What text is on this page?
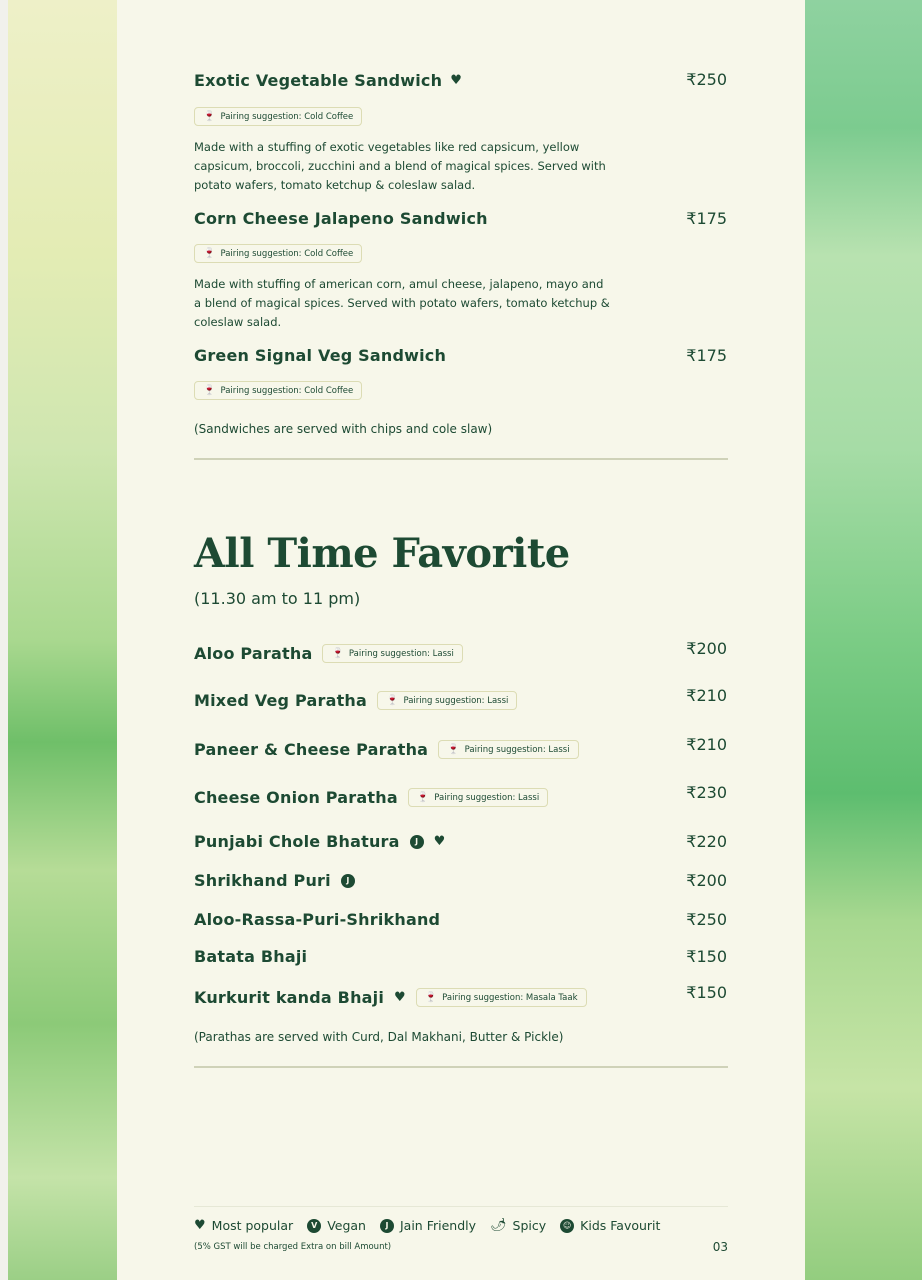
Exotic Vegetable Sandwich ♥	₹250
🍷 Pairing suggestion: Cold Coffee

Made with a stuffing of exotic vegetables like red capsicum, yellow capsicum, broccoli, zucchini and a blend of magical spices. Served with potato wafers, tomato ketchup & coleslaw salad.

Corn Cheese Jalapeno Sandwich	₹175
🍷 Pairing suggestion: Cold Coffee

Made with stuffing of american corn, amul cheese, jalapeno, mayo and a blend of magical spices. Served with potato wafers, tomato ketchup & coleslaw salad.

Green Signal Veg Sandwich	₹175
🍷 Pairing suggestion: Cold Coffee

(Sandwiches are served with chips and cole slaw)

All Time Favorite

(11.30 am to 11 pm)

Aloo Paratha 🍷 Pairing suggestion: Lassi	₹200
Mixed Veg Paratha 🍷 Pairing suggestion: Lassi	₹210
Paneer & Cheese Paratha 🍷 Pairing suggestion: Lassi	₹210
Cheese Onion Paratha 🍷 Pairing suggestion: Lassi	₹230
Punjabi Chole Bhatura	J	♥	₹220
Shrikhand Puri	J	₹200
Aloo-Rassa-Puri-Shrikhand	₹250
Batata Bhaji	₹150
Kurkurit kanda Bhaji ♥ 🍷 Pairing suggestion: Masala Taak	₹150

(Parathas are served with Curd, Dal Makhani, Butter & Pickle)

♥ Most popular	V Vegan	J Jain Friendly 🌶 Spicy	☺ Kids Favourit

(5% GST will be charged Extra on bill Amount)	03
